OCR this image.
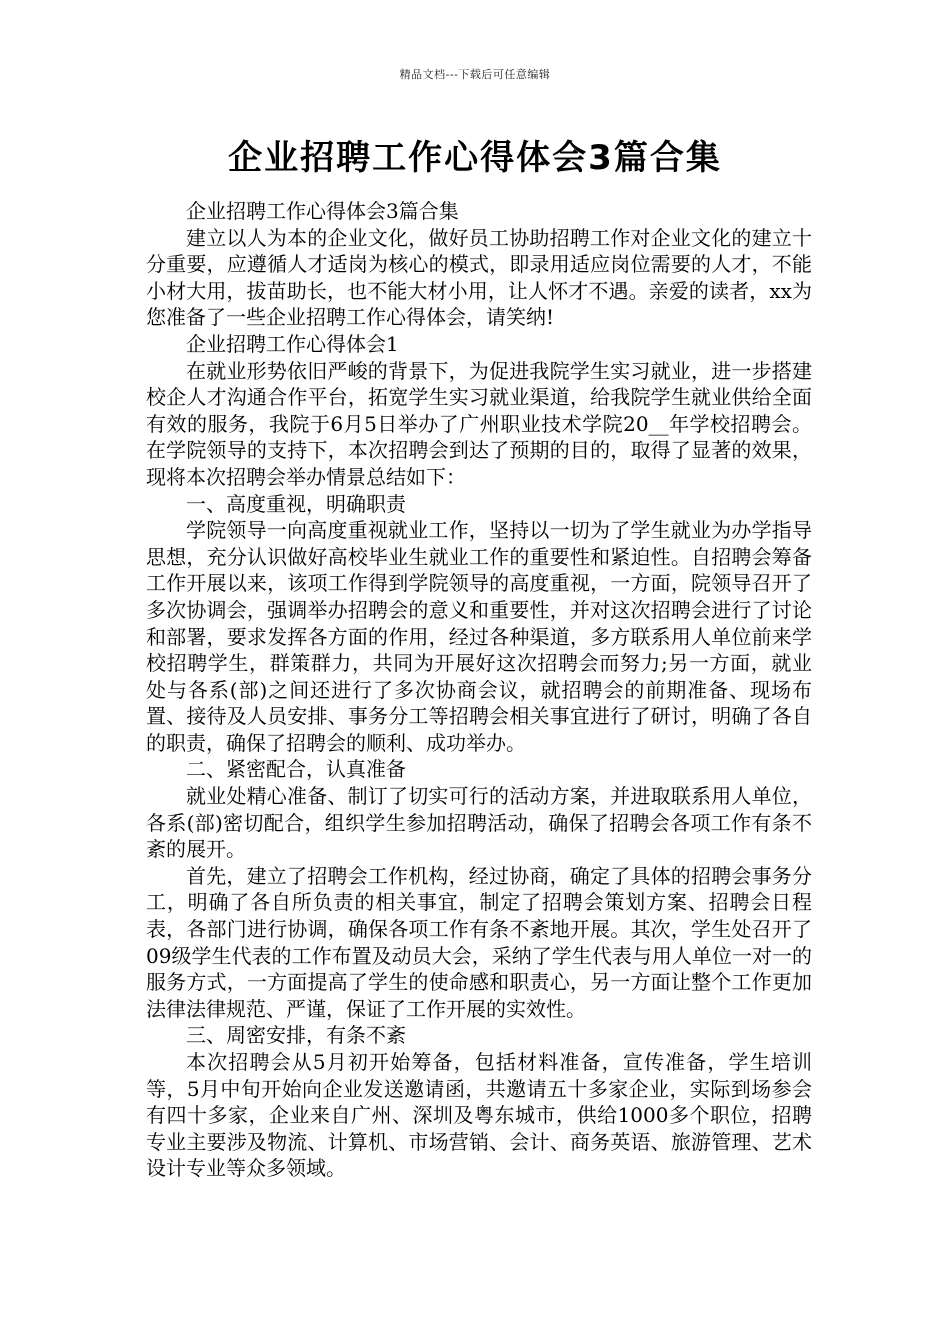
精品文档---下载后可任意编辑
企业招聘工作心得体会3篇合集

企业招聘工作心得体会3篇合集

建立以人为本的企业文化，做好员工协助招聘工作对企业文化的建立十分重要，应遵循人才适岗为核心的模式，即录用适应岗位需要的人才，不能小材大用，拔苗助长，也不能大材小用，让人怀才不遇。亲爱的读者，xx为您准备了一些企业招聘工作心得体会，请笑纳!

企业招聘工作心得体会1

在就业形势依旧严峻的背景下，为促进我院学生实习就业，进一步搭建校企人才沟通合作平台，拓宽学生实习就业渠道，给我院学生就业供给全面有效的服务，我院于6月5日举办了广州职业技术学院20__年学校招聘会。在学院领导的支持下，本次招聘会到达了预期的目的，取得了显著的效果，现将本次招聘会举办情景总结如下：

一、高度重视，明确职责

学院领导一向高度重视就业工作，坚持以一切为了学生就业为办学指导思想，充分认识做好高校毕业生就业工作的重要性和紧迫性。自招聘会筹备工作开展以来，该项工作得到学院领导的高度重视，一方面，院领导召开了多次协调会，强调举办招聘会的意义和重要性，并对这次招聘会进行了讨论和部署，要求发挥各方面的作用，经过各种渠道，多方联系用人单位前来学校招聘学生，群策群力，共同为开展好这次招聘会而努力;另一方面，就业处与各系(部)之间还进行了多次协商会议，就招聘会的前期准备、现场布置、接待及人员安排、事务分工等招聘会相关事宜进行了研讨，明确了各自的职责，确保了招聘会的顺利、成功举办。

二、紧密配合，认真准备

就业处精心准备、制订了切实可行的活动方案，并进取联系用人单位，各系(部)密切配合，组织学生参加招聘活动，确保了招聘会各项工作有条不紊的展开。

首先，建立了招聘会工作机构，经过协商，确定了具体的招聘会事务分工，明确了各自所负责的相关事宜，制定了招聘会策划方案、招聘会日程表，各部门进行协调，确保各项工作有条不紊地开展。其次，学生处召开了09级学生代表的工作布置及动员大会，采纳了学生代表与用人单位一对一的服务方式，一方面提高了学生的使命感和职责心，另一方面让整个工作更加法律法律规范、严谨，保证了工作开展的实效性。

三、周密安排，有条不紊

本次招聘会从5月初开始筹备，包括材料准备，宣传准备，学生培训等，5月中旬开始向企业发送邀请函，共邀请五十多家企业，实际到场参会有四十多家，企业来自广州、深圳及粤东城市，供给1000多个职位，招聘专业主要涉及物流、计算机、市场营销、会计、商务英语、旅游管理、艺术设计专业等众多领域。
